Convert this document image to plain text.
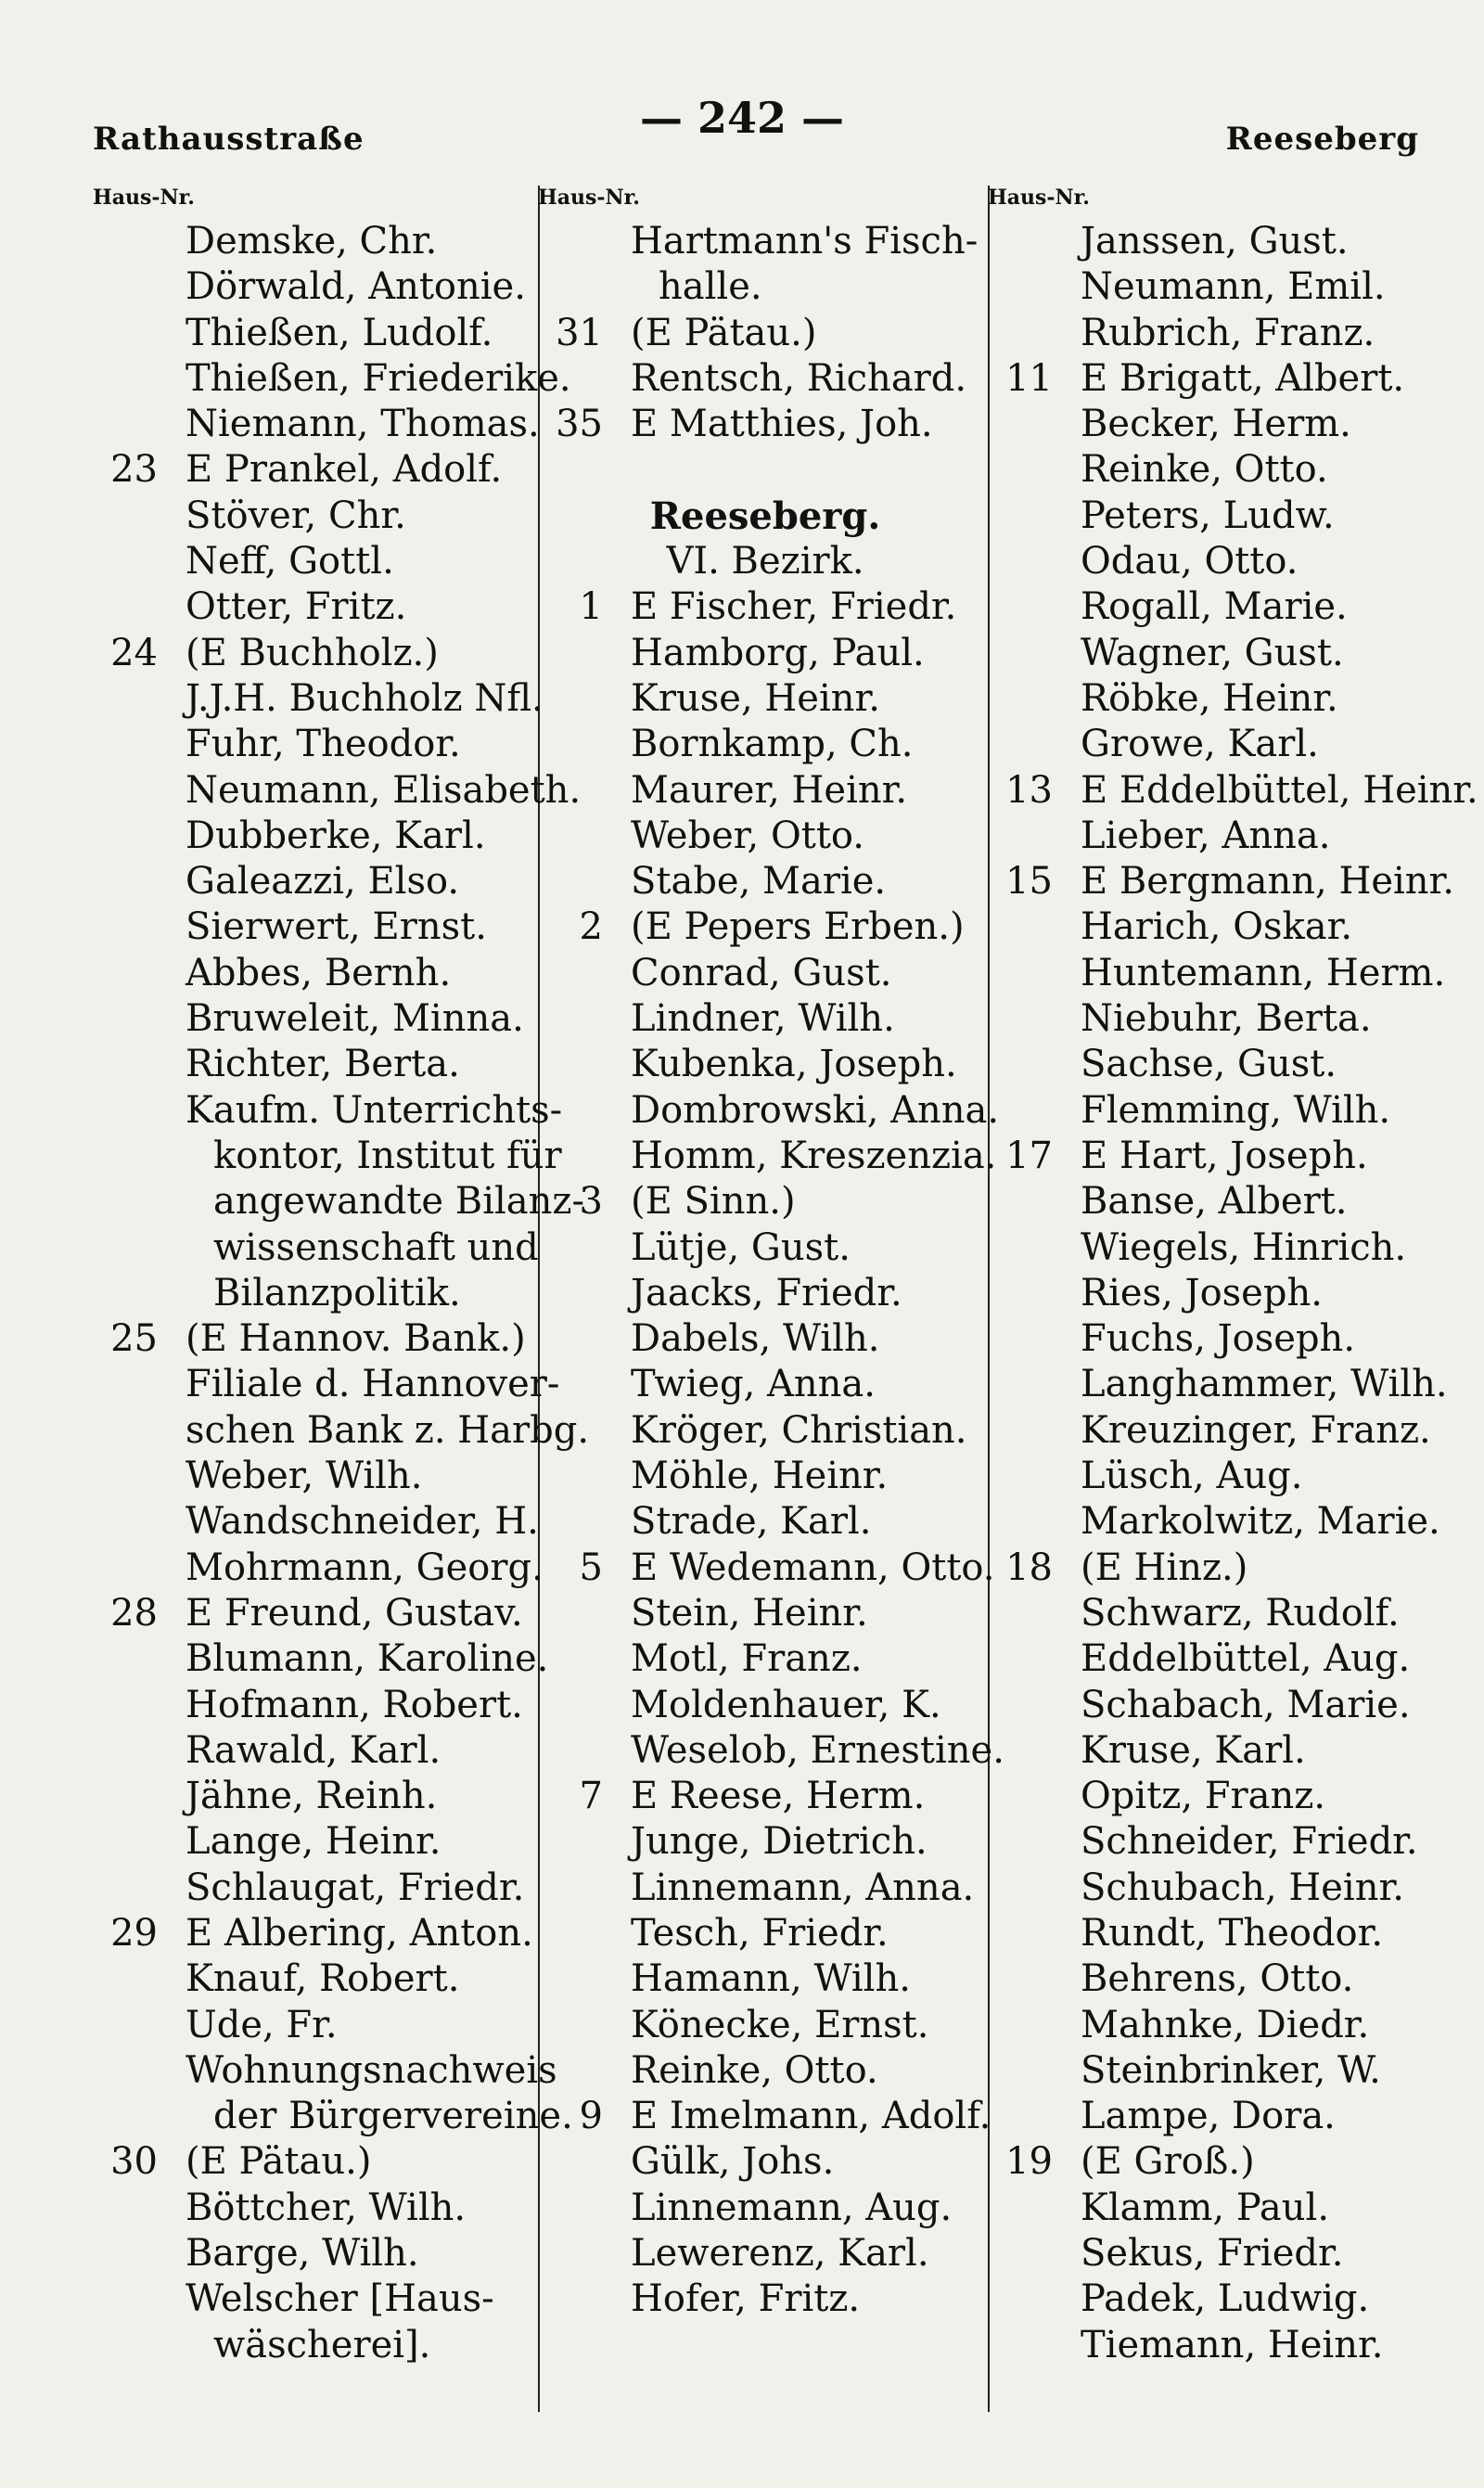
Rathausstraße	— 242 —	Reeseberg
Haus-Nr.
Demske, Chr.
Dörwald, Antonie.
Thießen, Ludolf.
Thießen, Friederike.
Niemann, Thomas.
23 E Prankel, Adolf.
Stöver, Chr.
Neff, Gottl.
Otter, Fritz.
24 (E Buchholz.)
J.J.H. Buchholz Nfl.
Fuhr, Theodor.
Neumann, Elisabeth.
Dubberke, Karl.
Galeazzi, Elso.
Sierwert, Ernst.
Abbes, Bernh.
Bruweleit, Minna.
Richter, Berta.
Kaufm. Unterrichts-
kontor, Institut für
angewandte Bilanz-
wissenschaft und
Bilanzpolitik.
25 (E Hannov. Bank.)
Filiale d. Hannover-
schen Bank z. Harbg.
Weber, Wilh.
Wandschneider, H.
Mohrmann, Georg.
28 E Freund, Gustav.
Blumann, Karoline.
Hofmann, Robert.
Rawald, Karl.
Jähne, Reinh.
Lange, Heinr.
Schlaugat, Friedr.
29 E Albering, Anton.
Knauf, Robert.
Ude, Fr.
Wohnungsnachweis
der Bürgervereine.
30 (E Pätau.)
Böttcher, Wilh.
Barge, Wilh.
Welscher [Haus-
wäscherei].
Haus-Nr.
Hartmann's Fisch-
halle.
31 (E Pätau.)
Rentsch, Richard.
35 E Matthies, Joh.
Reeseberg.
VI. Bezirk.
1 E Fischer, Friedr.
Hamborg, Paul.
Kruse, Heinr.
Bornkamp, Ch.
Maurer, Heinr.
Weber, Otto.
Stabe, Marie.
2 (E Pepers Erben.)
Conrad, Gust.
Lindner, Wilh.
Kubenka, Joseph.
Dombrowski, Anna.
Homm, Kreszenzia.
3 (E Sinn.)
Lütje, Gust.
Jaacks, Friedr.
Dabels, Wilh.
Twieg, Anna.
Kröger, Christian.
Möhle, Heinr.
Strade, Karl.
5 E Wedemann, Otto.
Stein, Heinr.
Motl, Franz.
Moldenhauer, K.
Weselob, Ernestine.
7 E Reese, Herm.
Junge, Dietrich.
Linnemann, Anna.
Tesch, Friedr.
Hamann, Wilh.
Könecke, Ernst.
Reinke, Otto.
9 E Imelmann, Adolf.
Gülk, Johs.
Linnemann, Aug.
Lewerenz, Karl.
Hofer, Fritz.
Haus-Nr.
Janssen, Gust.
Neumann, Emil.
Rubrich, Franz.
11 E Brigatt, Albert.
Becker, Herm.
Reinke, Otto.
Peters, Ludw.
Odau, Otto.
Rogall, Marie.
Wagner, Gust.
Röbke, Heinr.
Growe, Karl.
13 E Eddelbüttel, Heinr.
Lieber, Anna.
15 E Bergmann, Heinr.
Harich, Oskar.
Huntemann, Herm.
Niebuhr, Berta.
Sachse, Gust.
Flemming, Wilh.
17 E Hart, Joseph.
Banse, Albert.
Wiegels, Hinrich.
Ries, Joseph.
Fuchs, Joseph.
Langhammer, Wilh.
Kreuzinger, Franz.
Lüsch, Aug.
Markolwitz, Marie.
18 (E Hinz.)
Schwarz, Rudolf.
Eddelbüttel, Aug.
Schabach, Marie.
Kruse, Karl.
Opitz, Franz.
Schneider, Friedr.
Schubach, Heinr.
Rundt, Theodor.
Behrens, Otto.
Mahnke, Diedr.
Steinbrinker, W.
Lampe, Dora.
19 (E Groß.)
Klamm, Paul.
Sekus, Friedr.
Padek, Ludwig.
Tiemann, Heinr.
